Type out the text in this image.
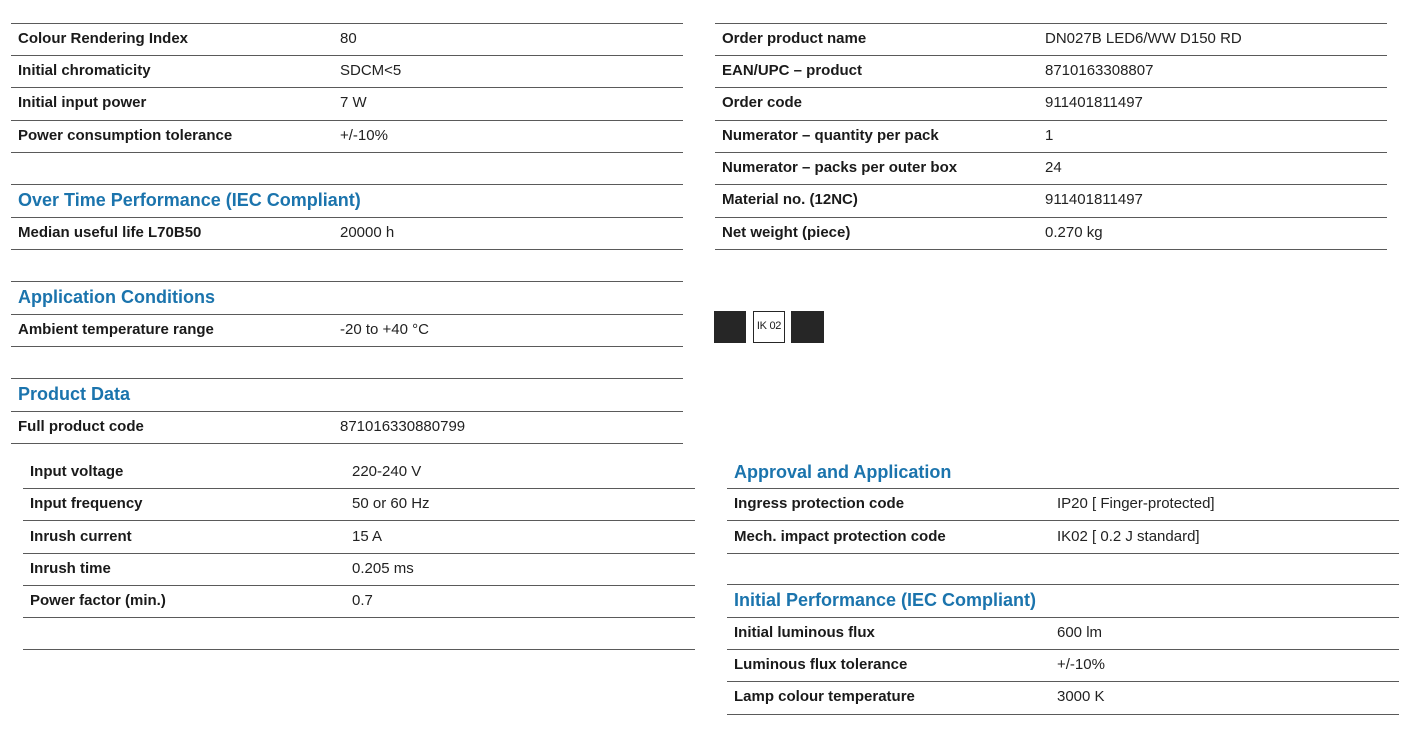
Colour Rendering Index	80
Initial chromaticity	SDCM<5
Initial input power	7 W
Power consumption tolerance	+/-10%
Over Time Performance (IEC Compliant)
Median useful life L70B50	20000 h
Application Conditions
Ambient temperature range	-20 to +40 °C
Product Data
Full product code	871016330880799
Input voltage	220-240 V
Input frequency	50 or 60 Hz
Inrush current	15 A
Inrush time	0.205 ms
Power factor (min.)	0.7
Order product name	DN027B LED6/WW D150 RD
EAN/UPC – product	8710163308807
Order code	911401811497
Numerator – quantity per pack	1
Numerator – packs per outer box	24
Material no. (12NC)	911401811497
Net weight (piece)	0.270 kg
IK 02
Approval and Application
Ingress protection code	IP20 [ Finger-protected]
Mech. impact protection code	IK02 [ 0.2 J standard]
Initial Performance (IEC Compliant)
Initial luminous flux	600 lm
Luminous flux tolerance	+/-10%
Lamp colour temperature	3000 K
